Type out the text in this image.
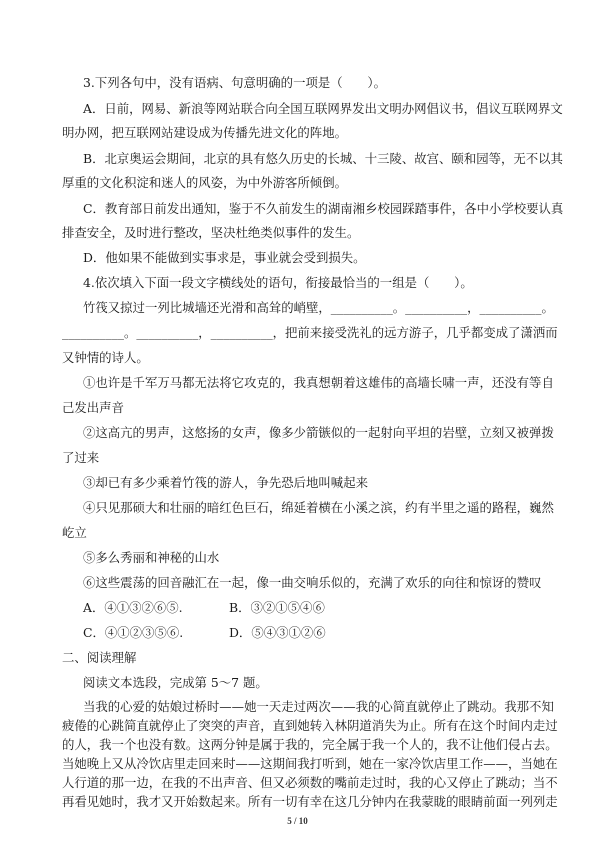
3.下列各句中，没有语病、句意明确的一项是（　　）。
A．日前，网易、新浪等网站联合向全国互联网界发出文明办网倡议书，倡议互联网界文
明办网，把互联网站建设成为传播先进文化的阵地。
B．北京奥运会期间，北京的具有悠久历史的长城、十三陵、故宫、颐和园等，无不以其
厚重的文化积淀和迷人的风姿，为中外游客所倾倒。
C．教育部日前发出通知，鉴于不久前发生的湖南湘乡校园踩踏事件，各中小学校要认真
排查安全，及时进行整改，坚决杜绝类似事件的发生。
D．他如果不能做到实事求是，事业就会受到损失。
4.依次填入下面一段文字横线处的语句，衔接最恰当的一组是（　　）。
竹筏又掠过一列比城墙还光滑和高耸的峭壁，__________。__________，__________。
__________。__________，__________，把前来接受洗礼的远方游子，几乎都变成了潇洒而
又钟情的诗人。
①也许是千军万马都无法将它攻克的，我真想朝着这雄伟的高墙长啸一声，还没有等自
己发出声音
②这高亢的男声，这悠扬的女声，像多少箭镞似的一起射向平坦的岩壁，立刻又被弹拨
了过来
③却已有多少乘着竹筏的游人，争先恐后地叫喊起来
④只见那硕大和壮丽的暗红色巨石，绵延着横在小溪之滨，约有半里之遥的路程，巍然
屹立
⑤多么秀丽和神秘的山水
⑥这些震荡的回音融汇在一起，像一曲交响乐似的，充满了欢乐的向往和惊讶的赞叹
A．④①③②⑥⑤.	B．③②①⑤④⑥
C．④①②③⑤⑥.	D．⑤④③①②⑥
二、阅读理解
阅读文本选段，完成第 5～7 题。
当我的心爱的姑娘过桥时——她一天走过两次——我的心简直就停止了跳动。我那不知
疲倦的心跳简直就停止了突突的声音，直到她转入林阴道消失为止。所有在这个时间内走过
的人，我一个也没有数。这两分钟是属于我的，完全属于我一个人的，我不让他们侵占去。
当她晚上又从冷饮店里走回来时——这期间我打听到，她在一家冷饮店里工作——，当她在
5 / 10
人行道的那一边，在我的不出声音、但又必须数的嘴前走过时，我的心又停止了跳动；当不
再看见她时，我才又开始数起来。所有一切有幸在这几分钟内在我蒙眬的眼睛前面一列列走
